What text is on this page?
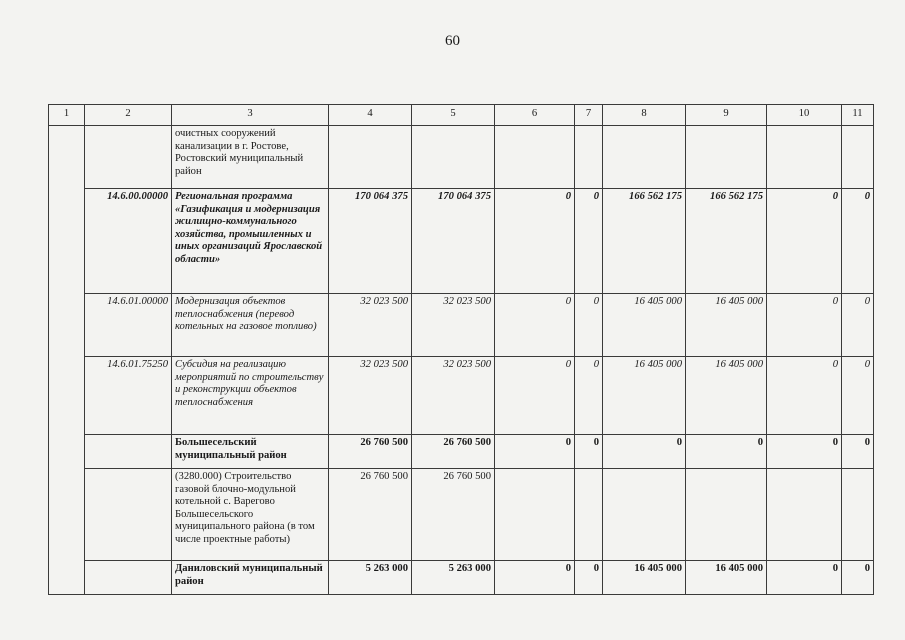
60
1	2	3	4	5	6	7	8	9	10	11
		очистных сооружений канализации в г. Ростове, Ростовский муниципальный район								
	14.6.00.00000	Региональная программа «Газификация и модернизация жилищно-коммунального хозяйства, промышленных и иных организаций Ярославской области»	170 064 375	170 064 375	0	0	166 562 175	166 562 175	0	0
	14.6.01.00000	Модернизация объектов теплоснабжения (перевод котельных на газовое топливо)	32 023 500	32 023 500	0	0	16 405 000	16 405 000	0	0
	14.6.01.75250	Субсидия на реализацию мероприятий по строительству и реконструкции объектов теплоснабжения	32 023 500	32 023 500	0	0	16 405 000	16 405 000	0	0
		Большесельский муниципальный район	26 760 500	26 760 500	0	0	0	0	0	0
		(3280.000) Строительство газовой блочно-модульной котельной с. Варегово Большесельского муниципального района (в том числе проектные работы)	26 760 500	26 760 500						
		Даниловский муниципальный район	5 263 000	5 263 000	0	0	16 405 000	16 405 000	0	0
